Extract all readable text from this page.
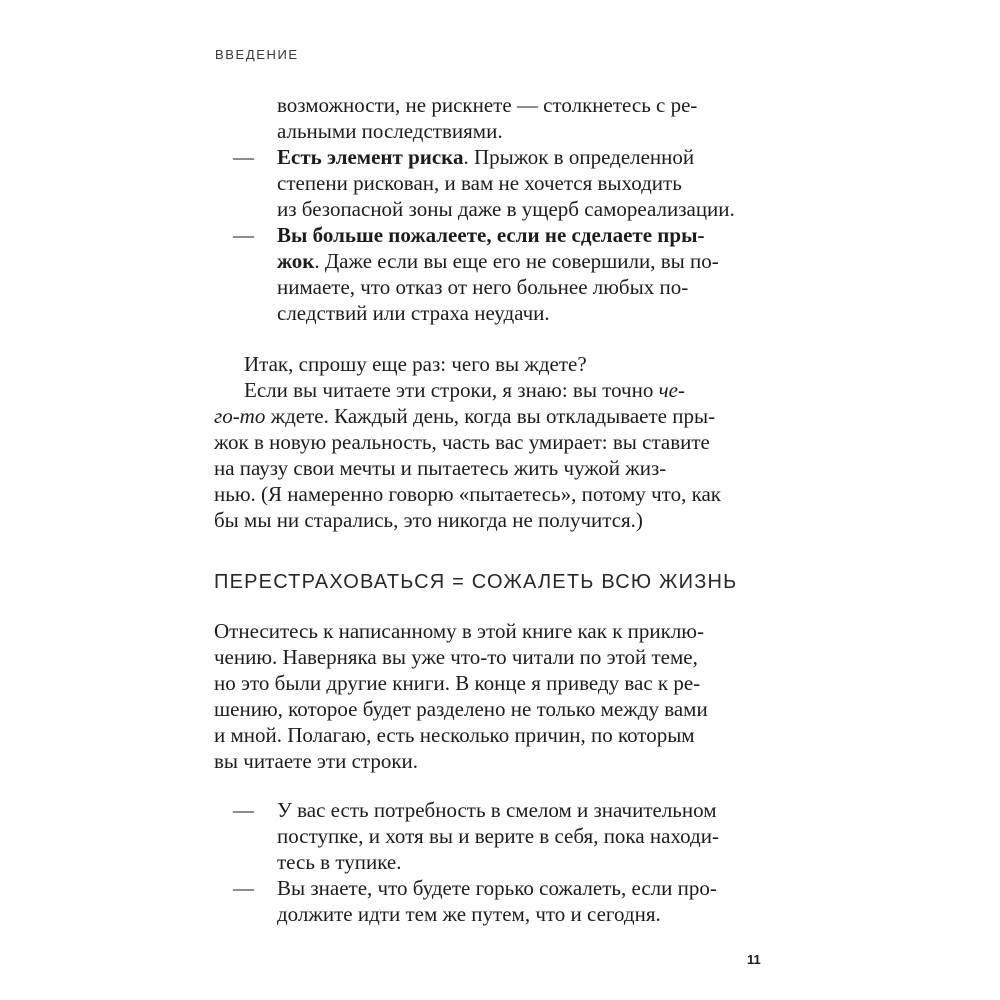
ВВЕДЕНИЕ
возможности, не рискнете — столкнетесь с ре-
альными последствиями.
— Есть элемент риска. Прыжок в определенной
степени рискован, и вам не хочется выходить
из безопасной зоны даже в ущерб самореализации.
— Вы больше пожалеете, если не сделаете пры-
жок. Даже если вы еще его не совершили, вы по-
нимаете, что отказ от него больнее любых по-
следствий или страха неудачи.
Итак, спрошу еще раз: чего вы ждете?
Если вы читаете эти строки, я знаю: вы точно че-
го-то ждете. Каждый день, когда вы откладываете пры-
жок в новую реальность, часть вас умирает: вы ставите
на паузу свои мечты и пытаетесь жить чужой жиз-
нью. (Я намеренно говорю «пытаетесь», потому что, как
бы мы ни старались, это никогда не получится.)
ПЕРЕСТРАХОВАТЬСЯ = СОЖАЛЕТЬ ВСЮ ЖИЗНЬ
Отнеситесь к написанному в этой книге как к приклю-
чению. Наверняка вы уже что-то читали по этой теме,
но это были другие книги. В конце я приведу вас к ре-
шению, которое будет разделено не только между вами
и мной. Полагаю, есть несколько причин, по которым
вы читаете эти строки.
— У вас есть потребность в смелом и значительном
поступке, и хотя вы и верите в себя, пока находи-
тесь в тупике.
— Вы знаете, что будете горько сожалеть, если про-
должите идти тем же путем, что и сегодня.
11
